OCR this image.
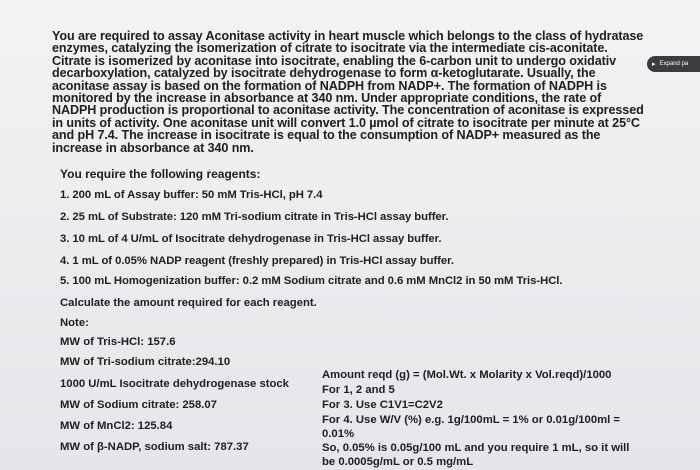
You are required to assay Aconitase activity in heart muscle which belongs to the class of hydratase
enzymes, catalyzing the isomerization of citrate to isocitrate via the intermediate cis-aconitate.
Citrate is isomerized by aconitase into isocitrate, enabling the 6-carbon unit to undergo oxidativ
decarboxylation, catalyzed by isocitrate dehydrogenase to form α-ketoglutarate. Usually, the
aconitase assay is based on the formation of NADPH from NADP+. The formation of NADPH is
monitored by the increase in absorbance at 340 nm. Under appropriate conditions, the rate of
NADPH production is proportional to aconitase activity. The concentration of aconitase is expressed
in units of activity. One aconitase unit will convert 1.0 µmol of citrate to isocitrate per minute at 25°C
and pH 7.4. The increase in isocitrate is equal to the consumption of NADP+ measured as the
increase in absorbance at 340 nm.
▸ Expand pa
You require the following reagents:
1. 200 mL of Assay buffer: 50 mM Tris-HCl, pH 7.4
2. 25 mL of Substrate: 120 mM Tri-sodium citrate in Tris-HCl assay buffer.
3. 10 mL of 4 U/mL of Isocitrate dehydrogenase in Tris-HCl assay buffer.
4. 1 mL of 0.05% NADP reagent (freshly prepared) in Tris-HCl assay buffer.
5. 100 mL Homogenization buffer: 0.2 mM Sodium citrate and 0.6 mM MnCl2 in 50 mM Tris-HCl.
Calculate the amount required for each reagent.
Note:
MW of Tris-HCl: 157.6
MW of Tri-sodium citrate:294.10
1000 U/mL Isocitrate dehydrogenase stock
MW of Sodium citrate: 258.07
MW of MnCl2: 125.84
MW of β-NADP, sodium salt: 787.37
Amount reqd (g) = (Mol.Wt. x Molarity x Vol.reqd)/1000
For 1, 2 and 5
For 3. Use C1V1=C2V2
For 4. Use W/V (%) e.g. 1g/100mL = 1% or 0.01g/100ml =
0.01%
So, 0.05% is 0.05g/100 mL and you require 1 mL, so it will
be 0.0005g/mL or 0.5 mg/mL
